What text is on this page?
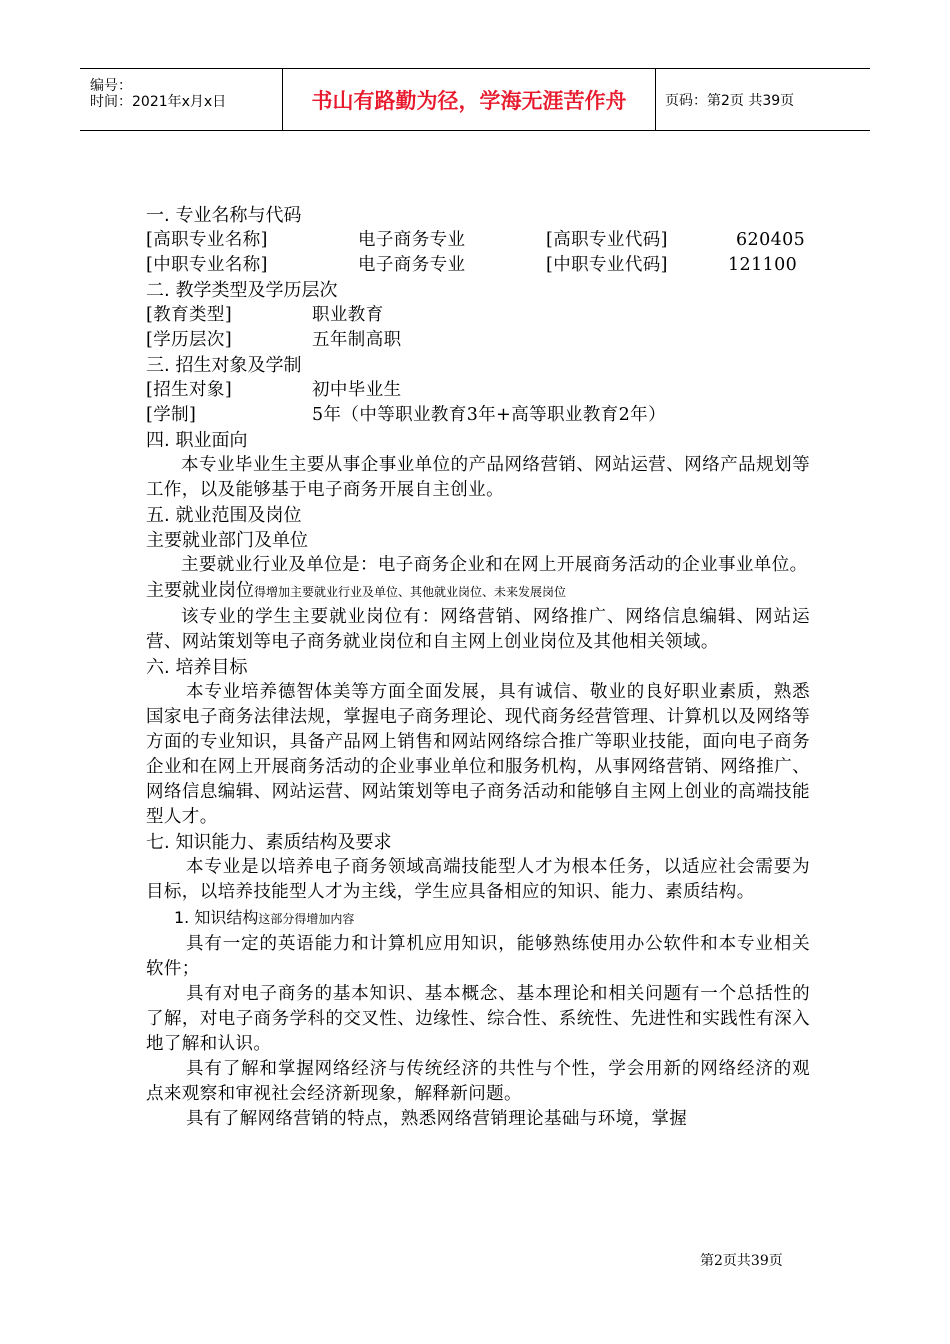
编号：
时间：2021年x月x日	书山有路勤为径，学海无涯苦作舟	页码：第2页 共39页
一. 专业名称与代码
[高职专业名称]	电子商务专业	[高职专业代码]	620405
[中职专业名称]	电子商务专业	[中职专业代码]	121100
二. 教学类型及学历层次
[教育类型]	职业教育
[学历层次]	五年制高职
三. 招生对象及学制
[招生对象]	初中毕业生
[学制]	5年（中等职业教育3年+高等职业教育2年）
四. 职业面向
本专业毕业生主要从事企事业单位的产品网络营销、网站运营、网络产品规划等工作，以及能够基于电子商务开展自主创业。
五. 就业范围及岗位
主要就业部门及单位
主要就业行业及单位是：电子商务企业和在网上开展商务活动的企业事业单位。
主要就业岗位得增加主要就业行业及单位、其他就业岗位、未来发展岗位
该专业的学生主要就业岗位有：网络营销、网络推广、网络信息编辑、网站运营、网站策划等电子商务就业岗位和自主网上创业岗位及其他相关领域。
六. 培养目标
本专业培养德智体美等方面全面发展，具有诚信、敬业的良好职业素质，熟悉国家电子商务法律法规，掌握电子商务理论、现代商务经营管理、计算机以及网络等方面的专业知识，具备产品网上销售和网站网络综合推广等职业技能，面向电子商务企业和在网上开展商务活动的企业事业单位和服务机构，从事网络营销、网络推广、网络信息编辑、网站运营、网站策划等电子商务活动和能够自主网上创业的高端技能型人才。
七. 知识能力、素质结构及要求
本专业是以培养电子商务领域高端技能型人才为根本任务，以适应社会需要为目标，以培养技能型人才为主线，学生应具备相应的知识、能力、素质结构。
1. 知识结构这部分得增加内容
具有一定的英语能力和计算机应用知识，能够熟练使用办公软件和本专业相关软件；
具有对电子商务的基本知识、基本概念、基本理论和相关问题有一个总括性的了解，对电子商务学科的交叉性、边缘性、综合性、系统性、先进性和实践性有深入地了解和认识。
具有了解和掌握网络经济与传统经济的共性与个性，学会用新的网络经济的观点来观察和审视社会经济新现象，解释新问题。
具有了解网络营销的特点，熟悉网络营销理论基础与环境，掌握
第2页共39页
